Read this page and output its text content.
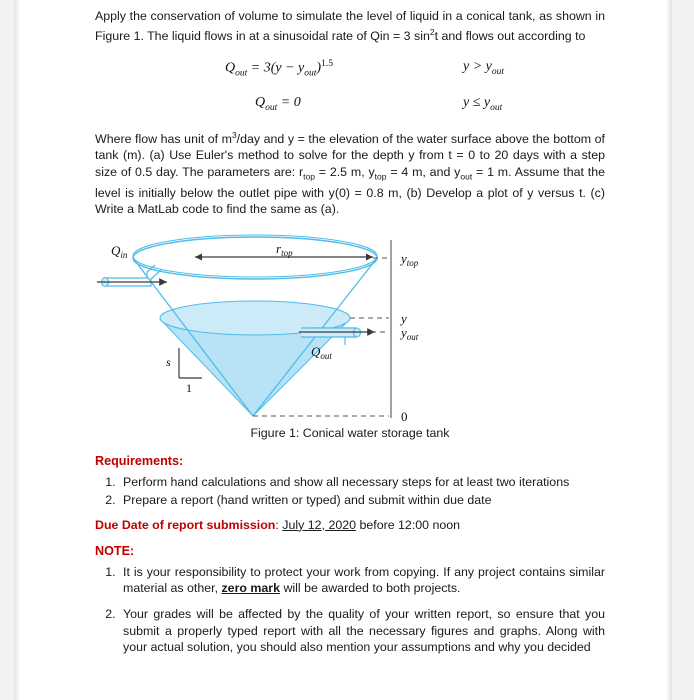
Apply the conservation of volume to simulate the level of liquid in a conical tank, as shown in Figure 1. The liquid flows in at a sinusoidal rate of Qin = 3 $\sin^2t$ and flows out according to

$Q_{out} = 3(y - y_{out})^{1.5}$	$y > y_{out}$
$Q_{out} = 0$	$y \le y_{out}$

Where flow has unit of $m^3$/day and y = the elevation of the water surface above the bottom of tank (m). (a) Use Euler's method to solve for the depth y from t = 0 to 20 days with a step size of 0.5 day. The parameters are: $r_{top} = 2.5$ m, $y_{top} = 4$ m, and $y_{out} = 1$ m. Assume that the level is initially below the outlet pipe with y(0) = 0.8 m, (b) Develop a plot of y versus t. (c) Write a MatLab code to find the same as (a).

$Q_{in}$
$Q_{out}$
$r_{top}$	$y_{top}$
y
$y_{out}$
0
s
1

Figure 1: Conical water storage tank

Requirements:
1. Perform hand calculations and show all necessary steps for at least two iterations
2. Prepare a report (hand written or typed) and submit within due date
Due Date of report submission: July 12, 2020 before 12:00 noon
NOTE:
1. It is your responsibility to protect your work from copying. If any project contains similar material as other, zero mark will be awarded to both projects.
2. Your grades will be affected by the quality of your written report, so ensure that you submit a properly typed report with all the necessary figures and graphs. Along with your actual solution, you should also mention your assumptions and why you decided
